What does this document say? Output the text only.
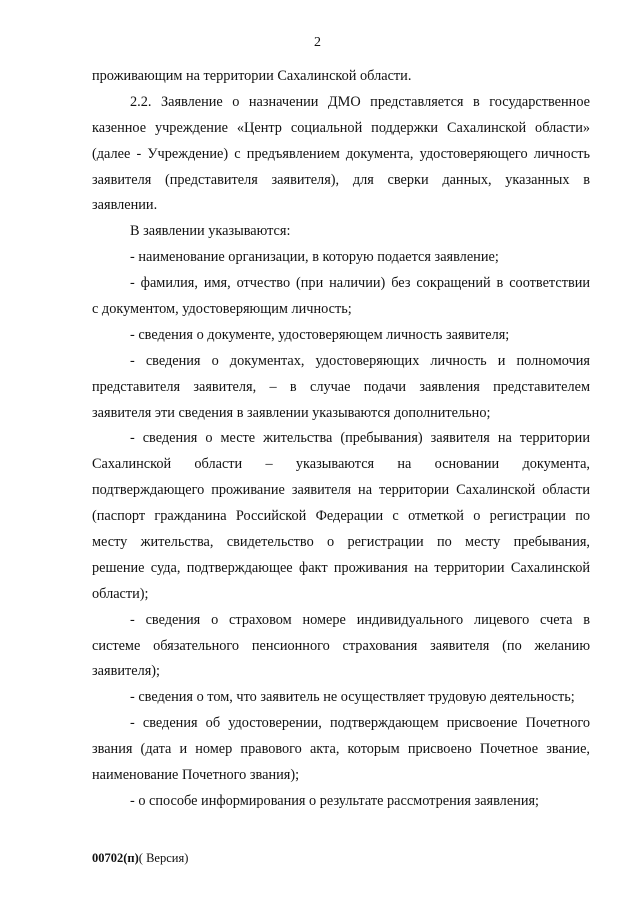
2
проживающим на территории Сахалинской области.
2.2. Заявление о назначении ДМО представляется в государственное
казенное учреждение «Центр социальной поддержки Сахалинской области»
(далее - Учреждение) с предъявлением документа, удостоверяющего личность
заявителя (представителя заявителя), для сверки данных, указанных в
заявлении.
В заявлении указываются:
- наименование организации, в которую подается заявление;
- фамилия, имя, отчество (при наличии) без сокращений в соответствии
с документом, удостоверяющим личность;
- сведения о документе, удостоверяющем личность заявителя;
- сведения о документах, удостоверяющих личность и полномочия
представителя заявителя, – в случае подачи заявления представителем
заявителя эти сведения в заявлении указываются дополнительно;
- сведения о месте жительства (пребывания) заявителя на территории
Сахалинской области – указываются на основании документа,
подтверждающего проживание заявителя на территории Сахалинской области
(паспорт гражданина Российской Федерации с отметкой о регистрации по
месту жительства, свидетельство о регистрации по месту пребывания,
решение суда, подтверждающее факт проживания на территории Сахалинской
области);
- сведения о страховом номере индивидуального лицевого счета в
системе обязательного пенсионного страхования заявителя (по желанию
заявителя);
- сведения о том, что заявитель не осуществляет трудовую деятельность;
- сведения об удостоверении, подтверждающем присвоение Почетного
звания (дата и номер правового акта, которым присвоено Почетное звание,
наименование Почетного звания);
- о способе информирования о результате рассмотрения заявления;
00702(п)( Версия)
